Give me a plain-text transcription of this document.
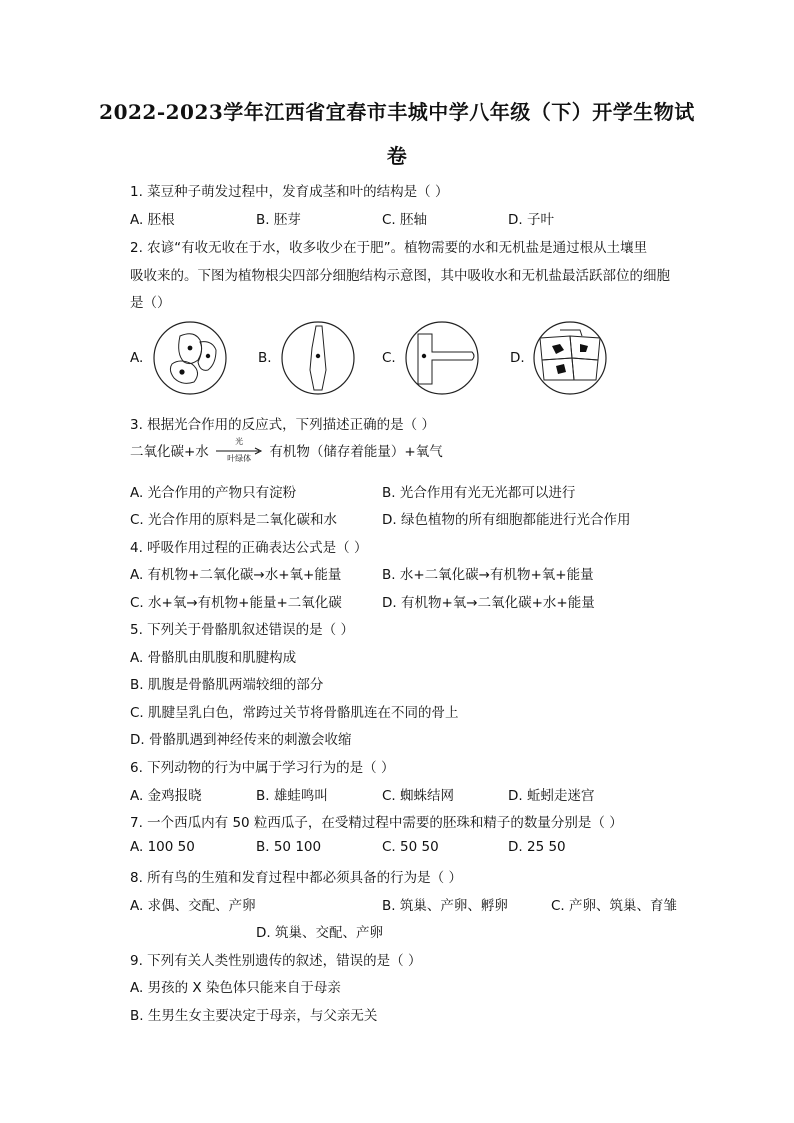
2022-2023学年江西省宜春市丰城中学八年级（下）开学生物试
卷
1. 菜豆种子萌发过程中，发育成茎和叶的结构是（ ）
A. 胚根	B. 胚芽	C. 胚轴	D. 子叶
2. 农谚“有收无收在于水，收多收少在于肥”。植物需要的水和无机盐是通过根从土壤里
吸收来的。下图为植物根尖四部分细胞结构示意图，其中吸收水和无机盐最活跃部位的细胞
是（）
A.	B.	C.	D.
3. 根据光合作用的反应式，下列描述正确的是（ ）
二氧化碳+水
光
叶绿体	有机物（储存着能量）+氧气
A. 光合作用的产物只有淀粉	B. 光合作用有光无光都可以进行
C. 光合作用的原料是二氧化碳和水	D. 绿色植物的所有细胞都能进行光合作用
4. 呼吸作用过程的正确表达公式是（ ）
A. 有机物+二氧化碳→水+氧+能量	B. 水+二氧化碳→有机物+氧+能量
C. 水+氧→有机物+能量+二氧化碳	D. 有机物+氧→二氧化碳+水+能量
5. 下列关于骨骼肌叙述错误的是（ ）
A. 骨骼肌由肌腹和肌腱构成
B. 肌腹是骨骼肌两端较细的部分
C. 肌腱呈乳白色，常跨过关节将骨骼肌连在不同的骨上
D. 骨骼肌遇到神经传来的刺激会收缩
6. 下列动物的行为中属于学习行为的是（ ）
A. 金鸡报晓	B. 雄蛙鸣叫	C. 蜘蛛结网	D. 蚯蚓走迷宫
7. 一个西瓜内有 50 粒西瓜子，在受精过程中需要的胚珠和精子的数量分别是（ ）
A. 100 50	B. 50 100	C. 50 50	D. 25 50
8. 所有鸟的生殖和发育过程中都必须具备的行为是（ ）
A. 求偶、交配、产卵	B. 筑巢、产卵、孵卵	C. 产卵、筑巢、育雏
D. 筑巢、交配、产卵
9. 下列有关人类性别遗传的叙述，错误的是（ ）
A. 男孩的 X 染色体只能来自于母亲
B. 生男生女主要决定于母亲，与父亲无关
